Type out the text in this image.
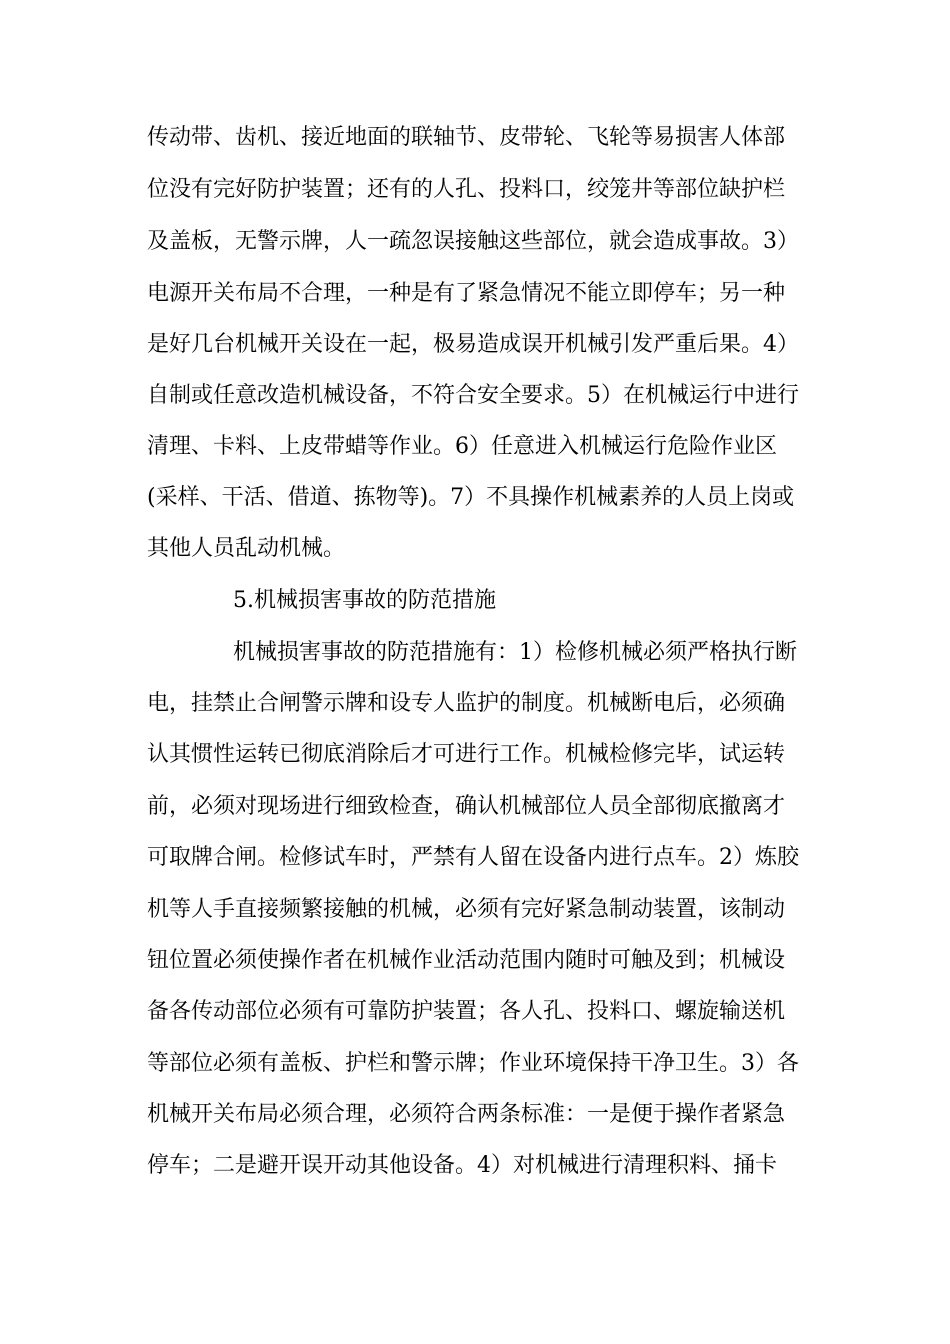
传动带、齿机、接近地面的联轴节、皮带轮、飞轮等易损害人体部

位没有完好防护装置；还有的人孔、投料口，绞笼井等部位缺护栏

及盖板，无警示牌，人一疏忽误接触这些部位，就会造成事故。3）

电源开关布局不合理，一种是有了紧急情况不能立即停车；另一种

是好几台机械开关设在一起，极易造成误开机械引发严重后果。4）

自制或任意改造机械设备，不符合安全要求。5）在机械运行中进行

清理、卡料、上皮带蜡等作业。6）任意进入机械运行危险作业区

(采样、干活、借道、拣物等)。7）不具操作机械素养的人员上岗或

其他人员乱动机械。

5.机械损害事故的防范措施

机械损害事故的防范措施有：1）检修机械必须严格执行断

电，挂禁止合闸警示牌和设专人监护的制度。机械断电后，必须确

认其惯性运转已彻底消除后才可进行工作。机械检修完毕，试运转

前，必须对现场进行细致检查，确认机械部位人员全部彻底撤离才

可取牌合闸。检修试车时，严禁有人留在设备内进行点车。2）炼胶

机等人手直接频繁接触的机械，必须有完好紧急制动装置，该制动

钮位置必须使操作者在机械作业活动范围内随时可触及到；机械设

备各传动部位必须有可靠防护装置；各人孔、投料口、螺旋输送机

等部位必须有盖板、护栏和警示牌；作业环境保持干净卫生。3）各

机械开关布局必须合理，必须符合两条标准：一是便于操作者紧急

停车；二是避开误开动其他设备。4）对机械进行清理积料、捅卡
